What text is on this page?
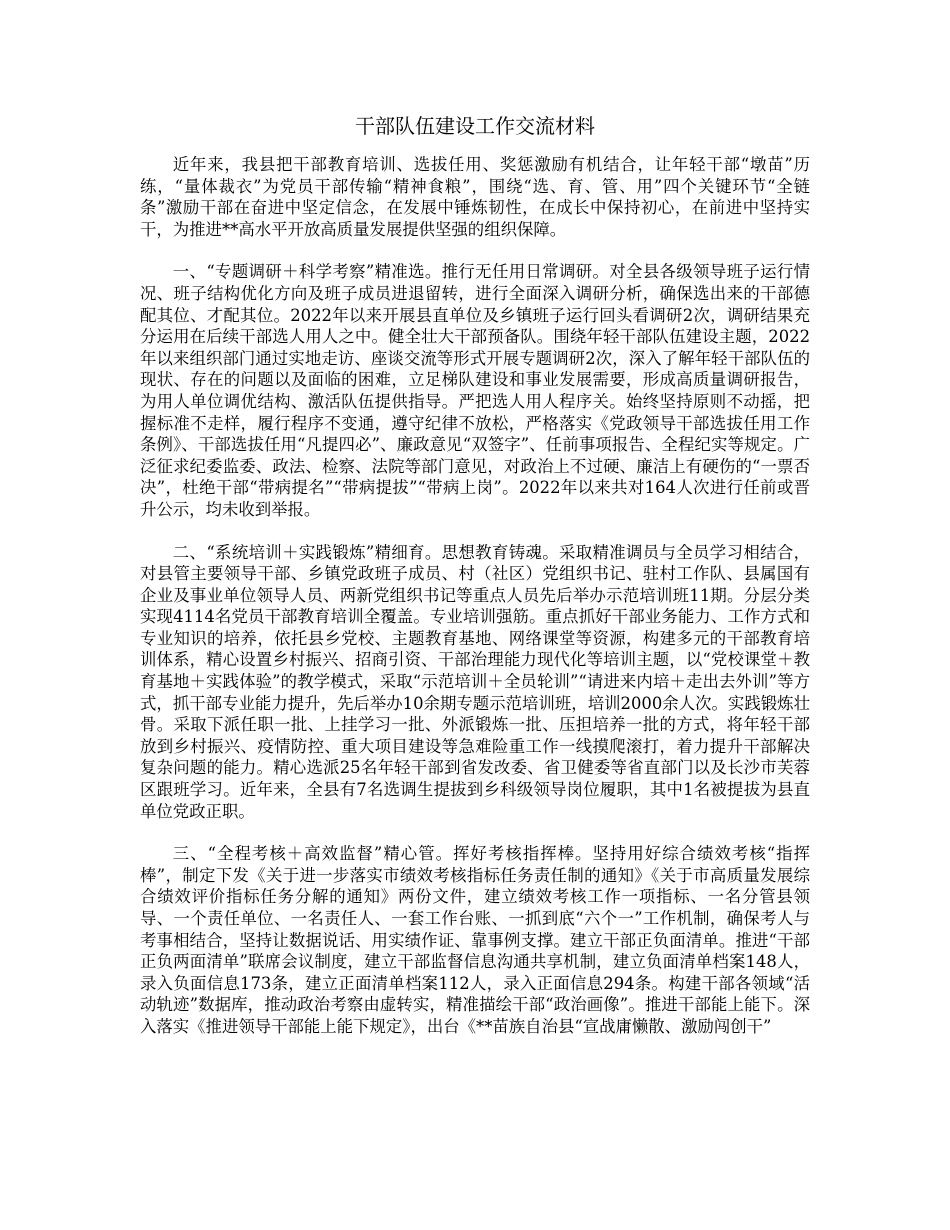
干部队伍建设工作交流材料

近年来，我县把干部教育培训、选拔任用、奖惩激励有机结合，让年轻干部“墩苗”历练，“量体裁衣”为党员干部传输“精神食粮”，围绕“选、育、管、用”四个关键环节“全链条”激励干部在奋进中坚定信念，在发展中锤炼韧性，在成长中保持初心，在前进中坚持实干，为推进**高水平开放高质量发展提供坚强的组织保障。

一、“专题调研＋科学考察”精准选。推行无任用日常调研。对全县各级领导班子运行情况、班子结构优化方向及班子成员进退留转，进行全面深入调研分析，确保选出来的干部德配其位、才配其位。2022年以来开展县直单位及乡镇班子运行回头看调研2次，调研结果充分运用在后续干部选人用人之中。健全壮大干部预备队。围绕年轻干部队伍建设主题，2022年以来组织部门通过实地走访、座谈交流等形式开展专题调研2次，深入了解年轻干部队伍的现状、存在的问题以及面临的困难，立足梯队建设和事业发展需要，形成高质量调研报告，为用人单位调优结构、激活队伍提供指导。严把选人用人程序关。始终坚持原则不动摇，把握标准不走样，履行程序不变通，遵守纪律不放松，严格落实《党政领导干部选拔任用工作条例》、干部选拔任用“凡提四必”、廉政意见“双签字”、任前事项报告、全程纪实等规定。广泛征求纪委监委、政法、检察、法院等部门意见，对政治上不过硬、廉洁上有硬伤的“一票否决”，杜绝干部“带病提名”“带病提拔”“带病上岗”。2022年以来共对164人次进行任前或晋升公示，均未收到举报。

二、“系统培训＋实践锻炼”精细育。思想教育铸魂。采取精准调员与全员学习相结合，对县管主要领导干部、乡镇党政班子成员、村（社区）党组织书记、驻村工作队、县属国有企业及事业单位领导人员、两新党组织书记等重点人员先后举办示范培训班11期。分层分类实现4114名党员干部教育培训全覆盖。专业培训强筋。重点抓好干部业务能力、工作方式和专业知识的培养，依托县乡党校、主题教育基地、网络课堂等资源，构建多元的干部教育培训体系，精心设置乡村振兴、招商引资、干部治理能力现代化等培训主题，以“党校课堂＋教育基地＋实践体验”的教学模式，采取“示范培训＋全员轮训”“请进来内培＋走出去外训”等方式，抓干部专业能力提升，先后举办10余期专题示范培训班，培训2000余人次。实践锻炼壮骨。采取下派任职一批、上挂学习一批、外派锻炼一批、压担培养一批的方式，将年轻干部放到乡村振兴、疫情防控、重大项目建设等急难险重工作一线摸爬滚打，着力提升干部解决复杂问题的能力。精心选派25名年轻干部到省发改委、省卫健委等省直部门以及长沙市芙蓉区跟班学习。近年来，全县有7名选调生提拔到乡科级领导岗位履职，其中1名被提拔为县直单位党政正职。

三、“全程考核＋高效监督”精心管。挥好考核指挥棒。坚持用好综合绩效考核“指挥棒”，制定下发《关于进一步落实市绩效考核指标任务责任制的通知》《关于市高质量发展综合绩效评价指标任务分解的通知》两份文件，建立绩效考核工作一项指标、一名分管县领导、一个责任单位、一名责任人、一套工作台账、一抓到底“六个一”工作机制，确保考人与考事相结合，坚持让数据说话、用实绩作证、靠事例支撑。建立干部正负面清单。推进“干部正负两面清单”联席会议制度，建立干部监督信息沟通共享机制，建立负面清单档案148人，录入负面信息173条，建立正面清单档案112人，录入正面信息294条。构建干部各领域“活动轨迹”数据库，推动政治考察由虚转实，精准描绘干部“政治画像”。推进干部能上能下。深入落实《推进领导干部能上能下规定》，出台《**苗族自治县“宣战庸懒散、激励闯创干”
